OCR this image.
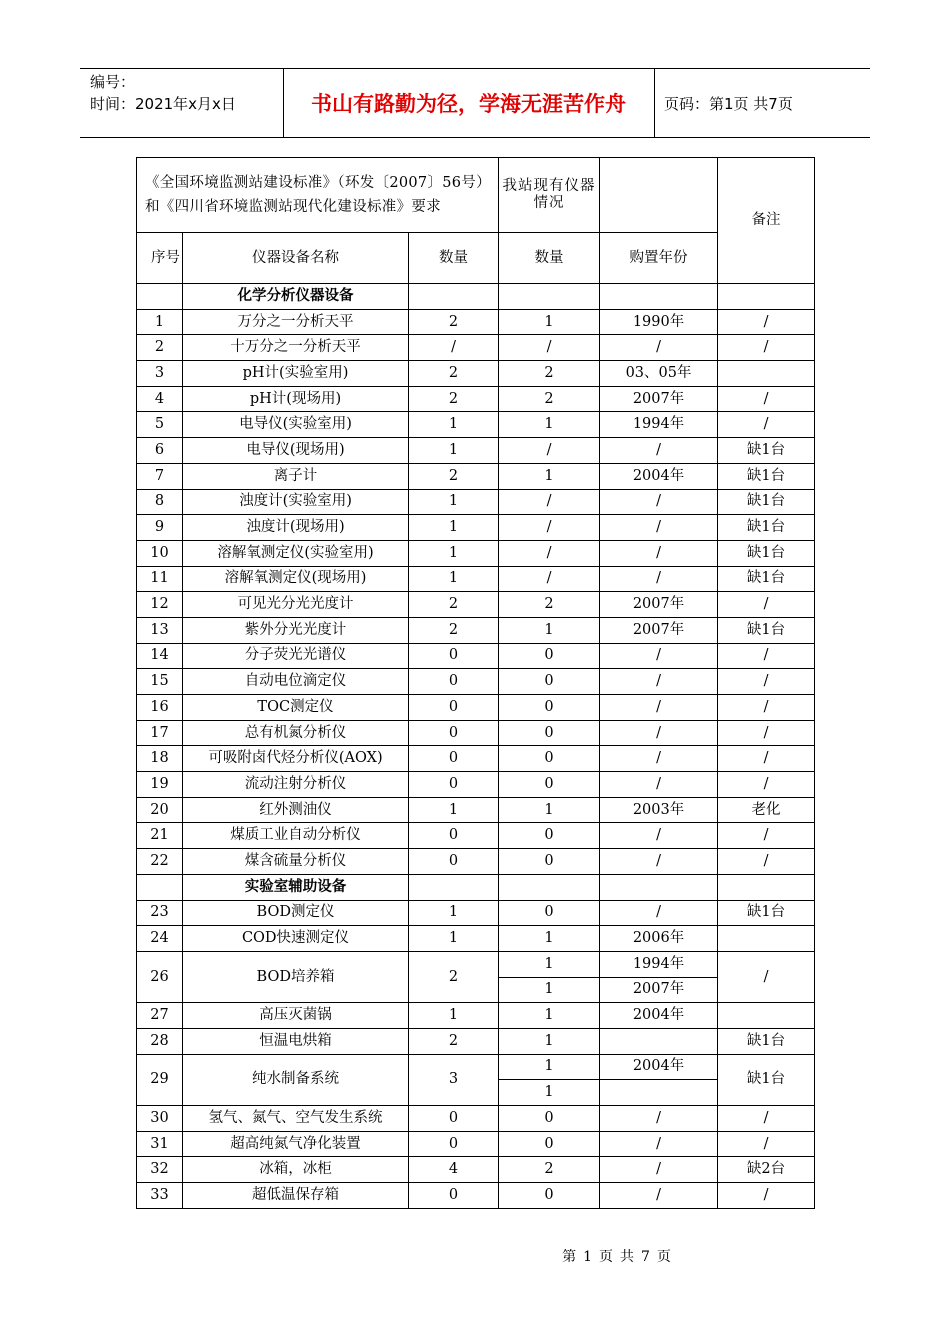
编号：
时间：2021年x月x日	书山有路勤为径，学海无涯苦作舟	页码：第1页 共7页
《全国环境监测站建设标准》（环发〔2007〕56号）和《四川省环境监测站现代化建设标准》要求			我站现有仪器情况		备注
序号	仪器设备名称	数量	数量	购置年份	
	化学分析仪器设备				
1	万分之一分析天平	2	1	1990年	/
2	十万分之一分析天平	/	/	/	/
3	pH计(实验室用)	2	2	03、05年	
4	pH计(现场用)	2	2	2007年	/
5	电导仪(实验室用)	1	1	1994年	/
6	电导仪(现场用)	1	/	/	缺1台
7	离子计	2	1	2004年	缺1台
8	浊度计(实验室用)	1	/	/	缺1台
9	浊度计(现场用)	1	/	/	缺1台
10	溶解氧测定仪(实验室用)	1	/	/	缺1台
11	溶解氧测定仪(现场用)	1	/	/	缺1台
12	可见光分光光度计	2	2	2007年	/
13	紫外分光光度计	2	1	2007年	缺1台
14	分子荧光光谱仪	0	0	/	/
15	自动电位滴定仪	0	0	/	/
16	TOC测定仪	0	0	/	/
17	总有机氮分析仪	0	0	/	/
18	可吸附卤代烃分析仪(AOX)	0	0	/	/
19	流动注射分析仪	0	0	/	/
20	红外测油仪	1	1	2003年	老化
21	煤质工业自动分析仪	0	0	/	/
22	煤含硫量分析仪	0	0	/	/
	实验室辅助设备				
23	BOD测定仪	1	0	/	缺1台
24	COD快速测定仪	1	1	2006年	
26	BOD培养箱	2	1	1994年	/
			1	2007年	
27	高压灭菌锅	1	1	2004年	
28	恒温电烘箱	2	1		缺1台
29	纯水制备系统	3	1	2004年	缺1台
			1		
30	氢气、氮气、空气发生系统	0	0	/	/
31	超高纯氮气净化装置	0	0	/	/
32	冰箱，冰柜	4	2	/	缺2台
33	超低温保存箱	0	0	/	/
第 1 页 共 7 页
